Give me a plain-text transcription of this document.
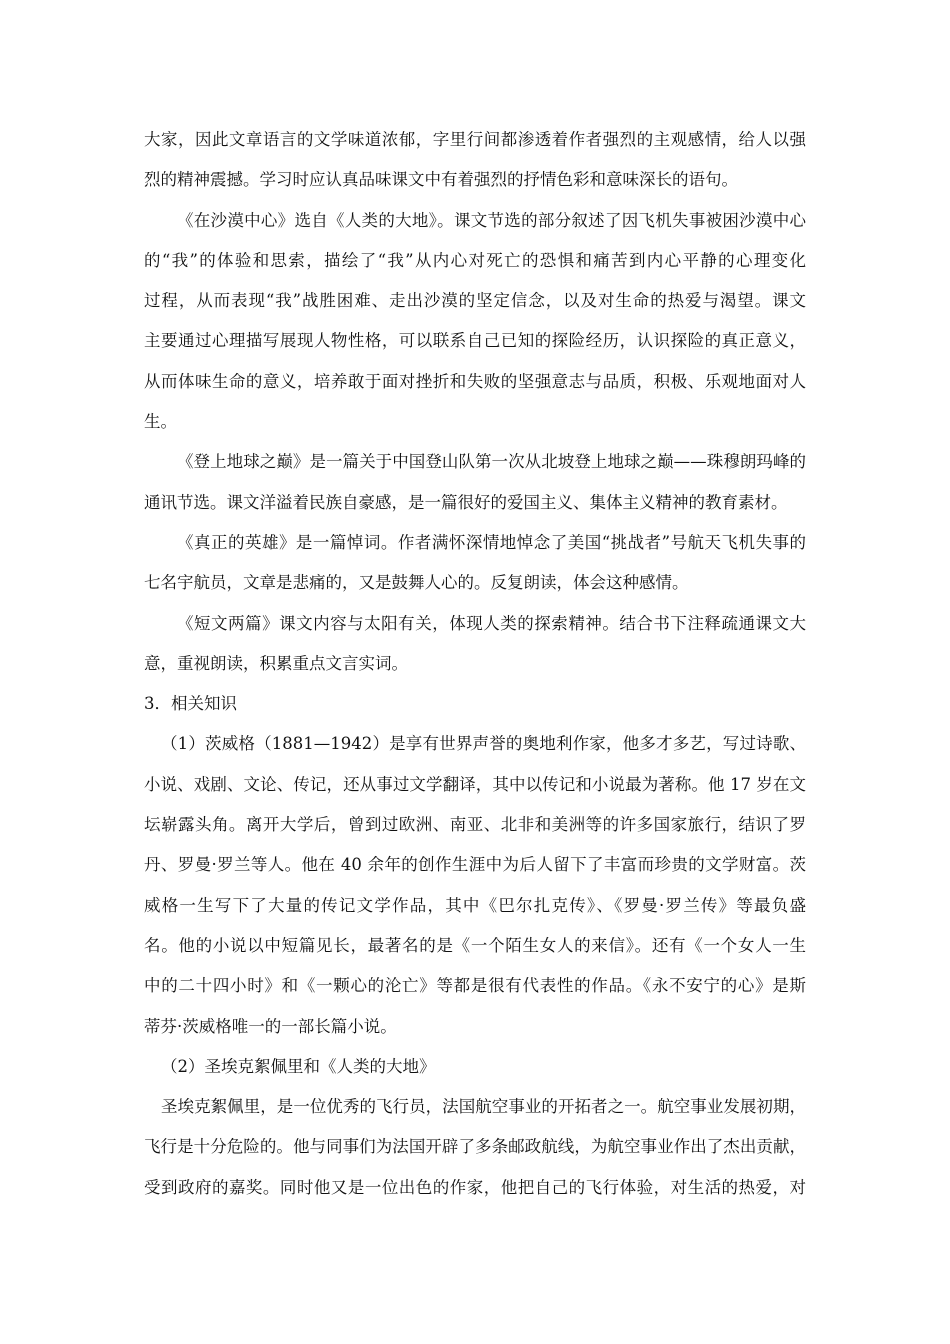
大家，因此文章语言的文学味道浓郁，字里行间都渗透着作者强烈的主观感情，给人以强
烈的精神震撼。学习时应认真品味课文中有着强烈的抒情色彩和意味深长的语句。
《在沙漠中心》选自《人类的大地》。课文节选的部分叙述了因飞机失事被困沙漠中心
的“我”的体验和思索，描绘了“我”从内心对死亡的恐惧和痛苦到内心平静的心理变化
过程，从而表现“我”战胜困难、走出沙漠的坚定信念，以及对生命的热爱与渴望。课文
主要通过心理描写展现人物性格，可以联系自己已知的探险经历，认识探险的真正意义，
从而体味生命的意义，培养敢于面对挫折和失败的坚强意志与品质，积极、乐观地面对人
生。
《登上地球之巅》是一篇关于中国登山队第一次从北坡登上地球之巅——珠穆朗玛峰的
通讯节选。课文洋溢着民族自豪感，是一篇很好的爱国主义、集体主义精神的教育素材。
《真正的英雄》是一篇悼词。作者满怀深情地悼念了美国“挑战者”号航天飞机失事的
七名宇航员，文章是悲痛的，又是鼓舞人心的。反复朗读，体会这种感情。
《短文两篇》课文内容与太阳有关，体现人类的探索精神。结合书下注释疏通课文大
意，重视朗读，积累重点文言实词。
3．相关知识
（1）茨威格（1881—1942）是享有世界声誉的奥地利作家，他多才多艺，写过诗歌、
小说、戏剧、文论、传记，还从事过文学翻译，其中以传记和小说最为著称。他 17 岁在文
坛崭露头角。离开大学后，曾到过欧洲、南亚、北非和美洲等的许多国家旅行，结识了罗
丹、罗曼·罗兰等人。他在 40 余年的创作生涯中为后人留下了丰富而珍贵的文学财富。茨
威格一生写下了大量的传记文学作品，其中《巴尔扎克传》、《罗曼·罗兰传》等最负盛
名。他的小说以中短篇见长，最著名的是《一个陌生女人的来信》。还有《一个女人一生
中的二十四小时》和《一颗心的沦亡》等都是很有代表性的作品。《永不安宁的心》是斯
蒂芬·茨威格唯一的一部长篇小说。
（2）圣埃克絮佩里和《人类的大地》
圣埃克絮佩里，是一位优秀的飞行员，法国航空事业的开拓者之一。航空事业发展初期，
飞行是十分危险的。他与同事们为法国开辟了多条邮政航线，为航空事业作出了杰出贡献，
受到政府的嘉奖。同时他又是一位出色的作家，他把自己的飞行体验，对生活的热爱，对
